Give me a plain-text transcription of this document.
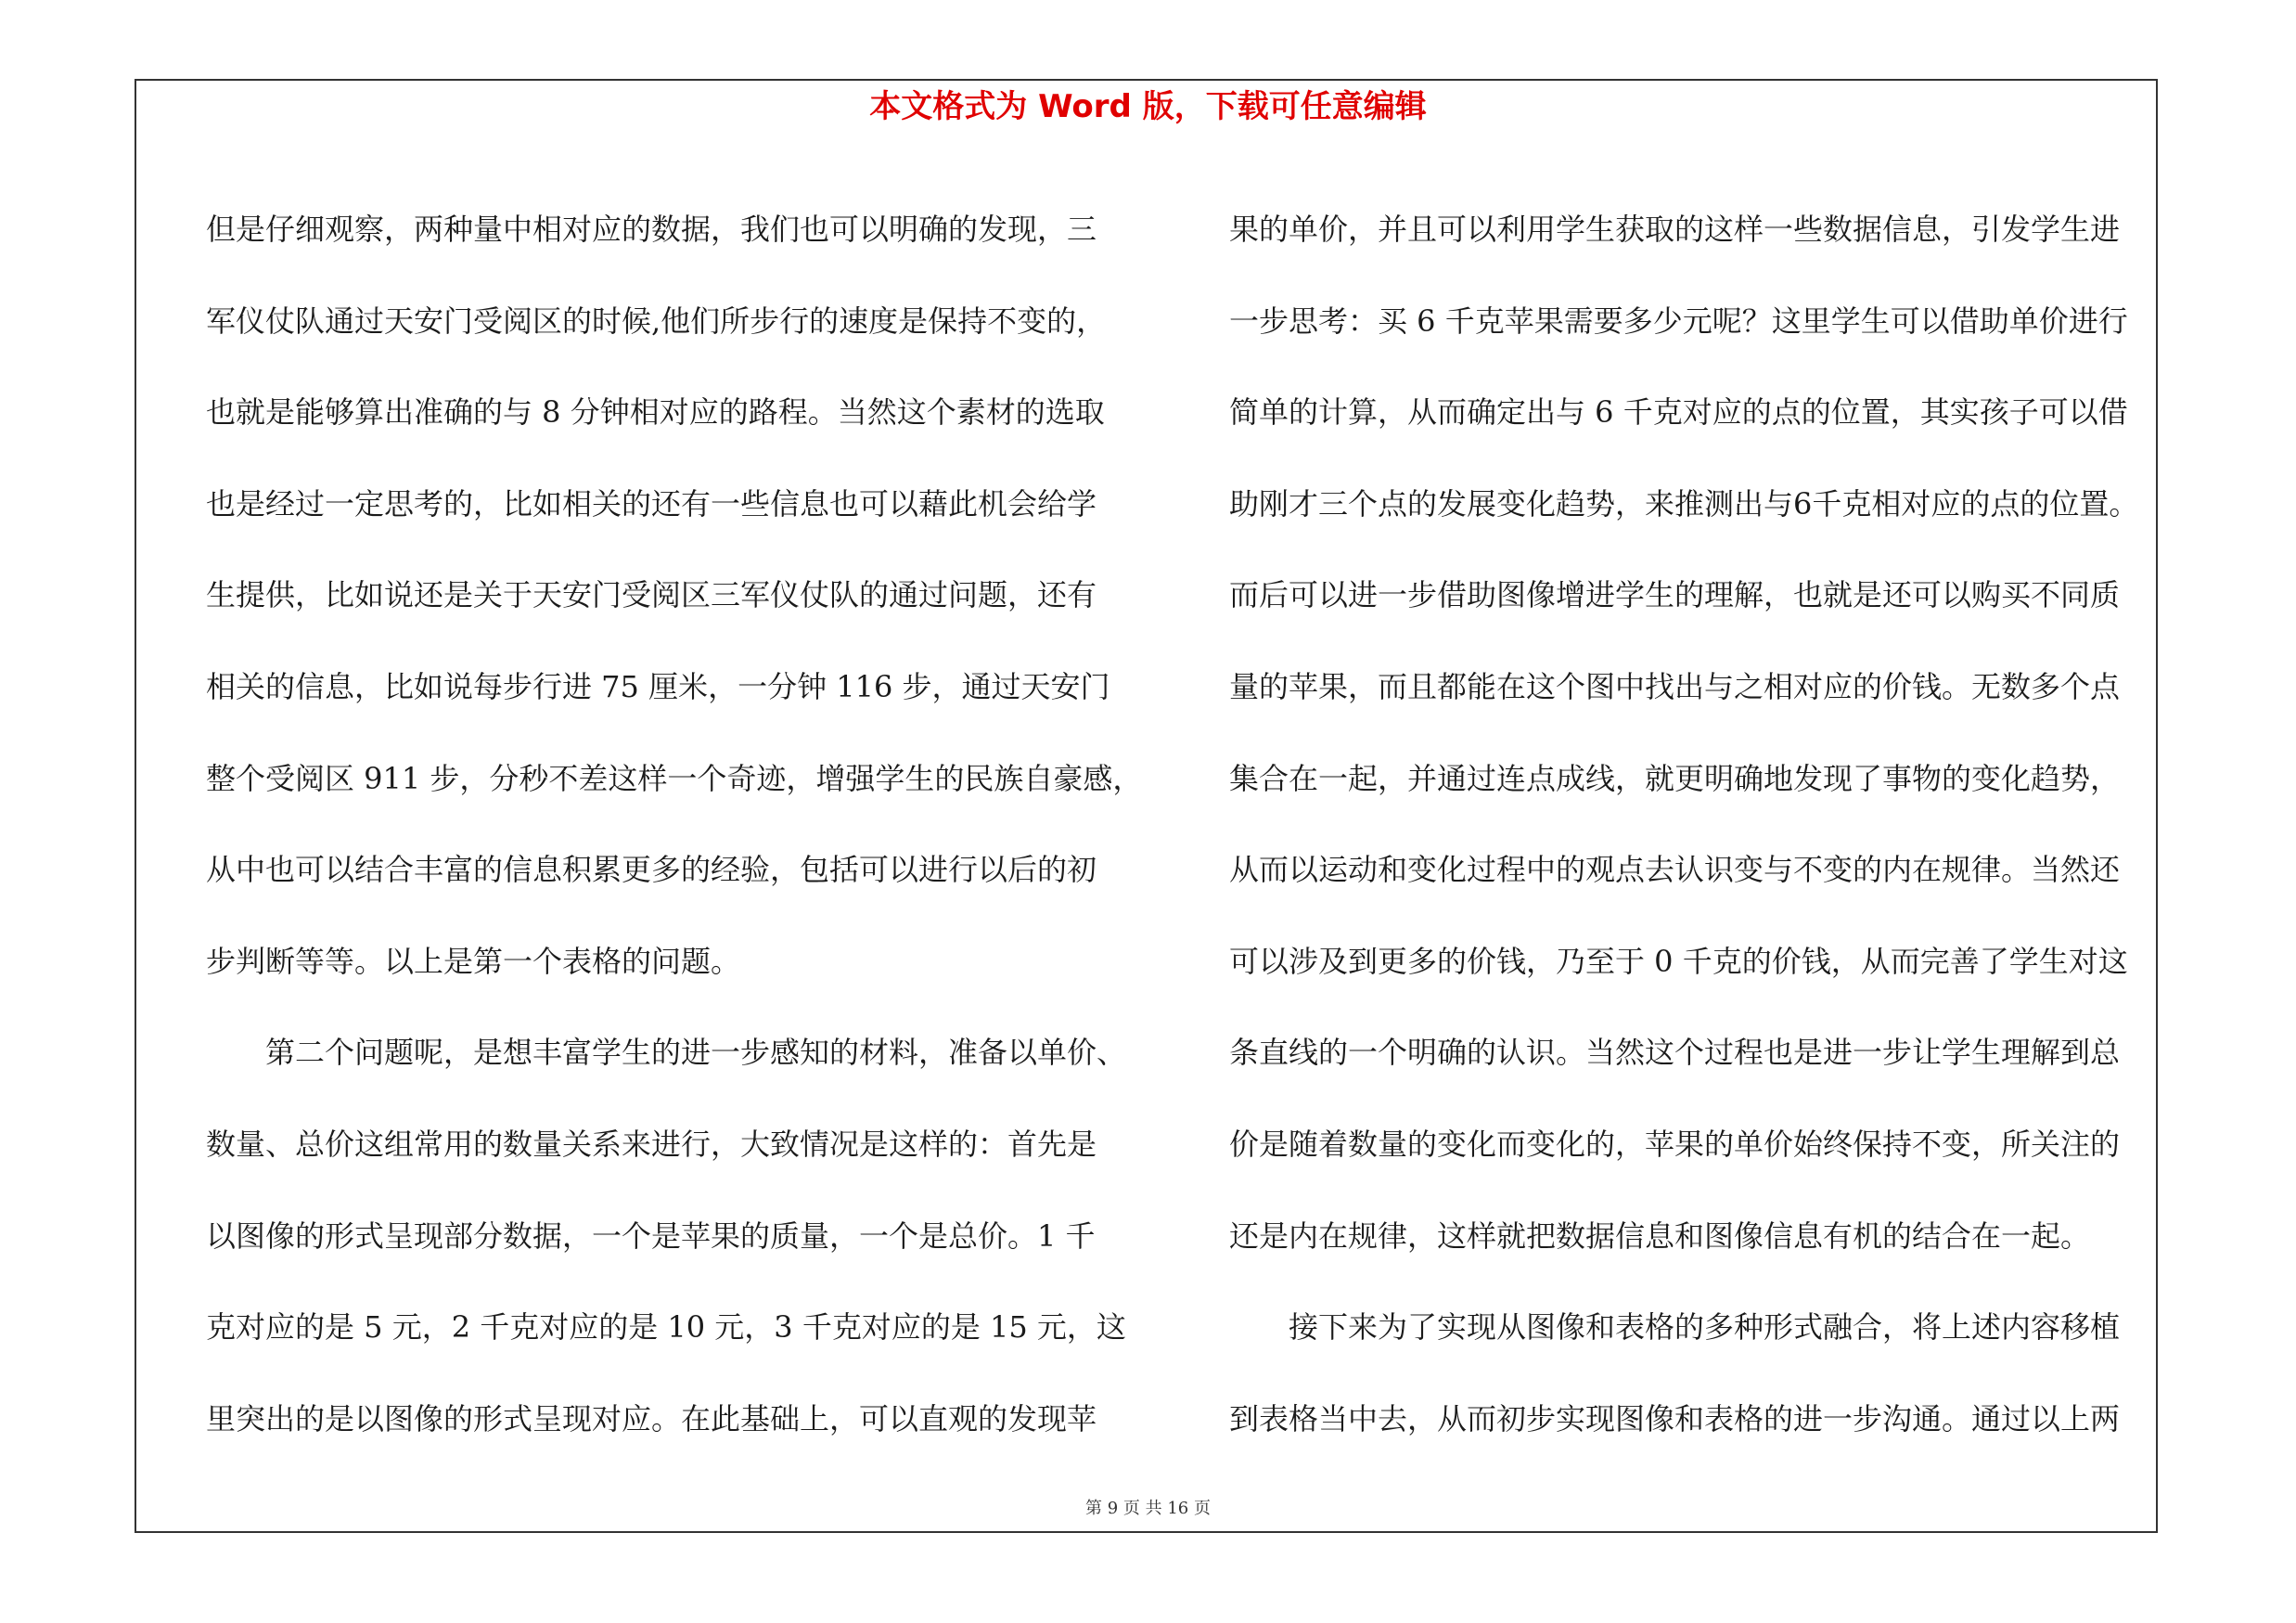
本文格式为 Word 版，下载可任意编辑
但是仔细观察，两种量中相对应的数据，我们也可以明确的发现，三
军仪仗队通过天安门受阅区的时候,他们所步行的速度是保持不变的，
也就是能够算出准确的与 8 分钟相对应的路程。当然这个素材的选取
也是经过一定思考的，比如相关的还有一些信息也可以藉此机会给学
生提供，比如说还是关于天安门受阅区三军仪仗队的通过问题，还有
相关的信息，比如说每步行进 75 厘米，一分钟 116 步，通过天安门
整个受阅区 911 步，分秒不差这样一个奇迹，增强学生的民族自豪感，
从中也可以结合丰富的信息积累更多的经验，包括可以进行以后的初
步判断等等。以上是第一个表格的问题。
第二个问题呢，是想丰富学生的进一步感知的材料，准备以单价、
数量、总价这组常用的数量关系来进行，大致情况是这样的：首先是
以图像的形式呈现部分数据，一个是苹果的质量，一个是总价。1 千
克对应的是 5 元，2 千克对应的是 10 元，3 千克对应的是 15 元，这
里突出的是以图像的形式呈现对应。在此基础上，可以直观的发现苹
果的单价，并且可以利用学生获取的这样一些数据信息，引发学生进
一步思考：买 6 千克苹果需要多少元呢？这里学生可以借助单价进行
简单的计算，从而确定出与 6 千克对应的点的位置，其实孩子可以借
助刚才三个点的发展变化趋势，来推测出与6千克相对应的点的位置。
而后可以进一步借助图像增进学生的理解，也就是还可以购买不同质
量的苹果，而且都能在这个图中找出与之相对应的价钱。无数多个点
集合在一起，并通过连点成线，就更明确地发现了事物的变化趋势，
从而以运动和变化过程中的观点去认识变与不变的内在规律。当然还
可以涉及到更多的价钱，乃至于 0 千克的价钱，从而完善了学生对这
条直线的一个明确的认识。当然这个过程也是进一步让学生理解到总
价是随着数量的变化而变化的，苹果的单价始终保持不变，所关注的
还是内在规律，这样就把数据信息和图像信息有机的结合在一起。
接下来为了实现从图像和表格的多种形式融合，将上述内容移植
到表格当中去，从而初步实现图像和表格的进一步沟通。通过以上两
第 9 页 共 16 页
